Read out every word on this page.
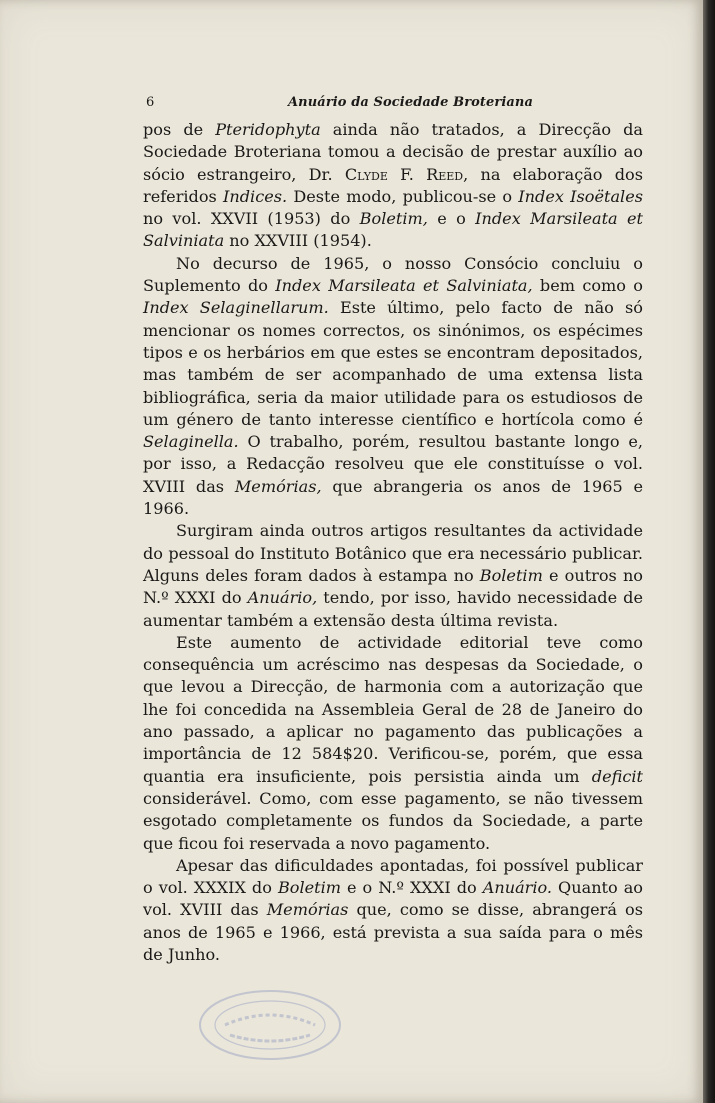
6	Anuário da Sociedade Broteriana

pos de Pteridophyta ainda não tratados, a Direcção da Sociedade Broteriana tomou a decisão de prestar auxílio ao sócio estrangeiro, Dr. Clyde F. Reed, na elaboração dos referidos Indices. Deste modo, publicou-se o Index Isoëtales no vol. XXVII (1953) do Boletim, e o Index Marsileata et Salviniata no XXVIII (1954).

No decurso de 1965, o nosso Consócio concluiu o Suplemento do Index Marsileata et Salviniata, bem como o Index Selaginellarum. Este último, pelo facto de não só mencionar os nomes correctos, os sinónimos, os espécimes tipos e os herbários em que estes se encontram depositados, mas também de ser acompanhado de uma extensa lista bibliográfica, seria da maior utilidade para os estudiosos de um género de tanto interesse científico e hortícola como é Selaginella. O trabalho, porém, resultou bastante longo e, por isso, a Redacção resolveu que ele constituísse o vol. XVIII das Memórias, que abrangeria os anos de 1965 e 1966.

Surgiram ainda outros artigos resultantes da actividade do pessoal do Instituto Botânico que era necessário publicar. Alguns deles foram dados à estampa no Boletim e outros no N.º XXXI do Anuário, tendo, por isso, havido necessidade de aumentar também a extensão desta última revista.

Este aumento de actividade editorial teve como consequência um acréscimo nas despesas da Sociedade, o que levou a Direcção, de harmonia com a autorização que lhe foi concedida na Assembleia Geral de 28 de Janeiro do ano passado, a aplicar no pagamento das publicações a importância de 12 584$20. Verificou-se, porém, que essa quantia era insuficiente, pois persistia ainda um deficit considerável. Como, com esse pagamento, se não tivessem esgotado completamente os fundos da Sociedade, a parte que ficou foi reservada a novo pagamento.

Apesar das dificuldades apontadas, foi possível publicar o vol. XXXIX do Boletim e o N.º XXXI do Anuário. Quanto ao vol. XVIII das Memórias que, como se disse, abrangerá os anos de 1965 e 1966, está prevista a sua saída para o mês de Junho.
